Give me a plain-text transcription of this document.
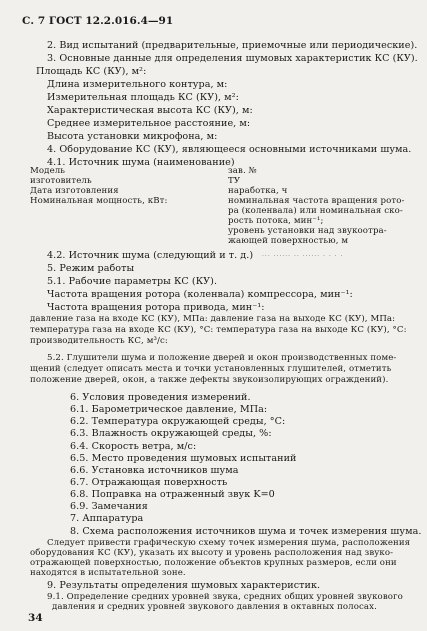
С. 7 ГОСТ 12.2.016.4—91
2. Вид испытаний (предварительные, приемочные или периодические).
3. Основные данные для определения шумовых характеристик КС (КУ).
Площадь КС (КУ), м²:
Длина измерительного контура, м:
Измерительная площадь КС (КУ), м²:
Характеристическая высота КС (КУ), м:
Среднее измерительное расстояние, м:
Высота установки микрофона, м:
4. Оборудование КС (КУ), являющееся основными источниками шума.
4.1. Источник шума (наименование)
Модель
изготовитель
Дата изготовления
Номинальная мощность, кВт:
зав. №
ТУ
наработка, ч
номинальная частота вращения рото-
ра (коленвала) или номинальная ско-
рость потока, мин⁻¹;
уровень установки над звукоотра-
жающей поверхностью, м
4.2. Источник шума (следующий и т. д.) ··· ······ ·· ······ · · · ·
5. Режим работы
5.1. Рабочие параметры КС (КУ).
Частота вращения ротора (коленвала) компрессора, мин⁻¹:
Частота вращения ротора привода, мин⁻¹:
давление газа на входе КС (КУ), МПа: давление газа на выходе КС (КУ), МПа:
температура газа на входе КС (КУ), °С: температура газа на выходе КС (КУ), °С:
производительность КС, м³/с:
5.2. Глушители шума и положение дверей и окон производственных поме-
щений (следует описать места и точки установленных глушителей, отметить
положение дверей, окон, а также дефекты звукоизолирующих ограждений).
6. Условия проведения измерений.
6.1. Барометрическое давление, МПа:
6.2. Температура окружающей среды, °С:
6.3. Влажность окружающей среды, %:
6.4. Скорость ветра, м/с:
6.5. Место проведения шумовых испытаний
6.6. Установка источников шума
6.7. Отражающая поверхность
6.8. Поправка на отраженный звук K=0
6.9. Замечания
7. Аппаратура
8. Схема расположения источников шума и точек измерения шума.
Следует привести графическую схему точек измерения шума, расположения
оборудования КС (КУ), указать их высоту и уровень расположения над звуко-
отражающей поверхностью, положение объектов крупных размеров, если они
находятся в испытательной зоне.
9. Результаты определения шумовых характеристик.
9.1. Определение средних уровней звука, средних общих уровней звукового
давления и средних уровней звукового давления в октавных полосах.
34
